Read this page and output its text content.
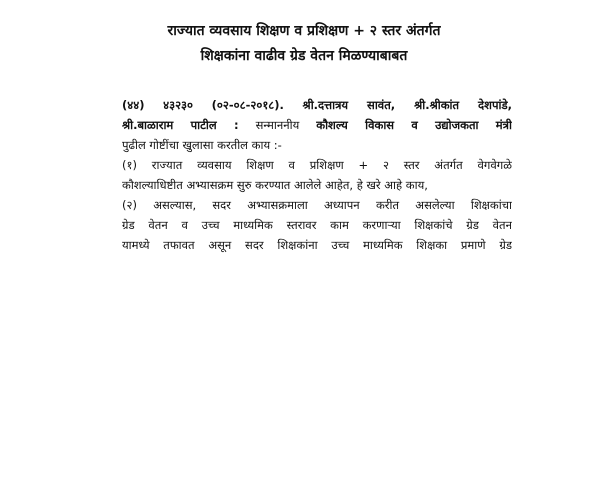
राज्यात व्यवसाय शिक्षण व प्रशिक्षण + २ स्तर अंतर्गत
शिक्षकांना वाढीव ग्रेड वेतन मिळण्याबाबत
(४४) ४३२३० (०२-०८-२०१८). श्री.दत्तात्रय सावंत, श्री.श्रीकांत देशपांडे,
श्री.बाळाराम पाटील : सन्माननीय कौशल्य विकास व उद्योजकता मंत्री
पुढील गोष्टींचा खुलासा करतील काय :-
(१) राज्यात व्यवसाय शिक्षण व प्रशिक्षण + २ स्तर अंतर्गत वेगवेगळे
कौशल्याधिष्टीत अभ्यासक्रम सुरु करण्यात आलेले आहेत, हे खरे आहे काय,
(२) असल्यास, सदर अभ्यासक्रमाला अध्यापन करीत असलेल्या शिक्षकांचा
ग्रेड वेतन व उच्च माध्यमिक स्तरावर काम करणाऱ्या शिक्षकांचे ग्रेड वेतन
यामध्ये तफावत असून सदर शिक्षकांना उच्च माध्यमिक शिक्षका प्रमाणे ग्रेड
